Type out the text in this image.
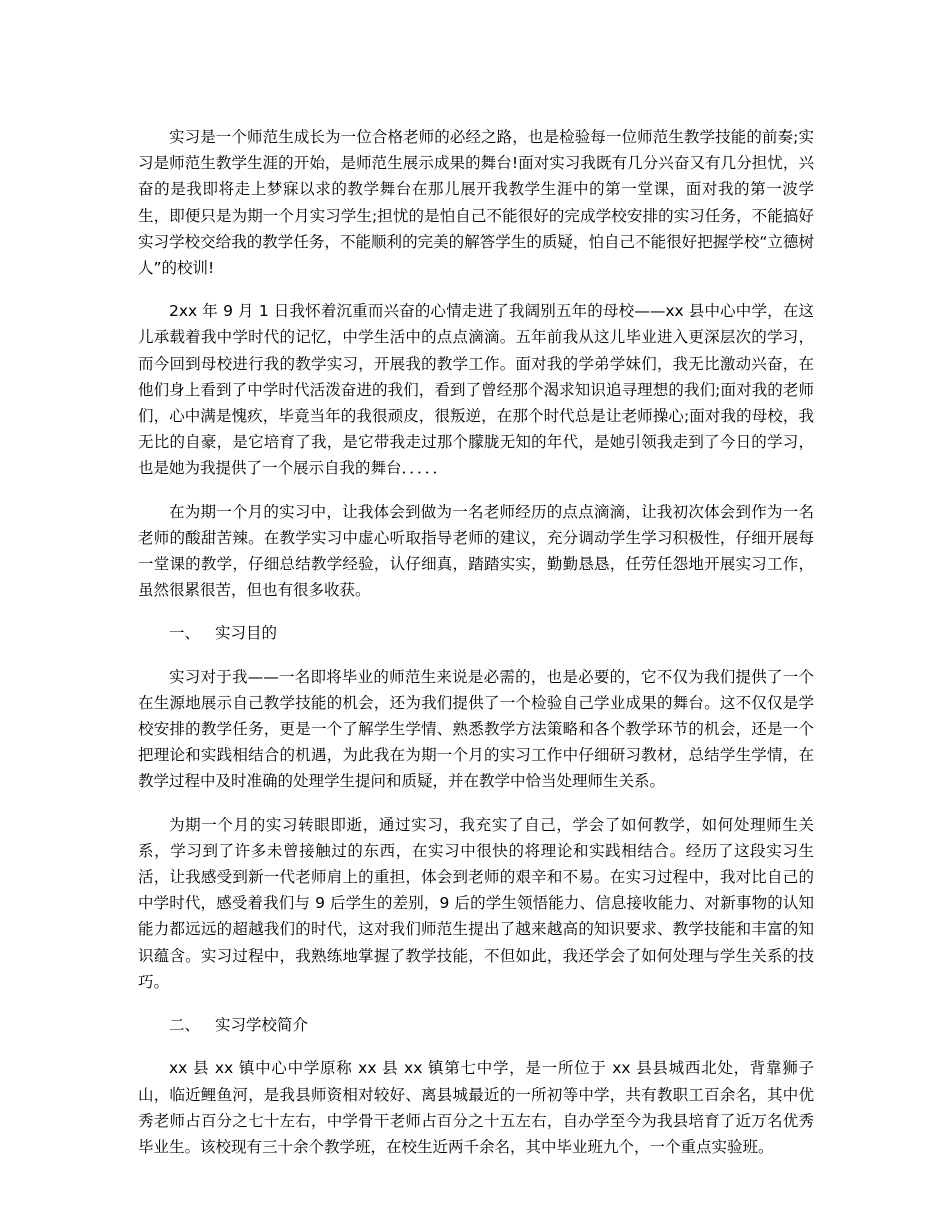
实习是一个师范生成长为一位合格老师的必经之路，也是检验每一位师范生教学技能的前奏;实习是师范生教学生涯的开始，是师范生展示成果的舞台!面对实习我既有几分兴奋又有几分担忧，兴奋的是我即将走上梦寐以求的教学舞台在那儿展开我教学生涯中的第一堂课，面对我的第一波学生，即便只是为期一个月实习学生;担忧的是怕自己不能很好的完成学校安排的实习任务，不能搞好实习学校交给我的教学任务，不能顺利的完美的解答学生的质疑，怕自己不能很好把握学校“立德树人”的校训!

2xx 年 9 月 1 日我怀着沉重而兴奋的心情走进了我阔别五年的母校——xx 县中心中学，在这儿承载着我中学时代的记忆，中学生活中的点点滴滴。五年前我从这儿毕业进入更深层次的学习，而今回到母校进行我的教学实习，开展我的教学工作。面对我的学弟学妹们，我无比激动兴奋，在他们身上看到了中学时代活泼奋进的我们，看到了曾经那个渴求知识追寻理想的我们;面对我的老师们，心中满是愧疚，毕竟当年的我很顽皮，很叛逆，在那个时代总是让老师操心;面对我的母校，我无比的自豪，是它培育了我，是它带我走过那个朦胧无知的年代，是她引领我走到了今日的学习，也是她为我提供了一个展示自我的舞台．．．．．

在为期一个月的实习中，让我体会到做为一名老师经历的点点滴滴，让我初次体会到作为一名老师的酸甜苦辣。在教学实习中虚心听取指导老师的建议，充分调动学生学习积极性，仔细开展每一堂课的教学，仔细总结教学经验，认仔细真，踏踏实实，勤勤恳恳，任劳任怨地开展实习工作，虽然很累很苦，但也有很多收获。

一、 实习目的

实习对于我——一名即将毕业的师范生来说是必需的，也是必要的，它不仅为我们提供了一个在生源地展示自己教学技能的机会，还为我们提供了一个检验自己学业成果的舞台。这不仅仅是学校安排的教学任务，更是一个了解学生学情、熟悉教学方法策略和各个教学环节的机会，还是一个把理论和实践相结合的机遇，为此我在为期一个月的实习工作中仔细研习教材，总结学生学情，在教学过程中及时准确的处理学生提问和质疑，并在教学中恰当处理师生关系。

为期一个月的实习转眼即逝，通过实习，我充实了自己，学会了如何教学，如何处理师生关系，学习到了许多未曾接触过的东西，在实习中很快的将理论和实践相结合。经历了这段实习生活，让我感受到新一代老师肩上的重担，体会到老师的艰辛和不易。在实习过程中，我对比自己的中学时代，感受着我们与 9 后学生的差别，9 后的学生领悟能力、信息接收能力、对新事物的认知能力都远远的超越我们的时代，这对我们师范生提出了越来越高的知识要求、教学技能和丰富的知识蕴含。实习过程中，我熟练地掌握了教学技能，不但如此，我还学会了如何处理与学生关系的技巧。

二、 实习学校简介

xx 县 xx 镇中心中学原称 xx 县 xx 镇第七中学，是一所位于 xx 县县城西北处，背靠狮子山，临近鲤鱼河，是我县师资相对较好、离县城最近的一所初等中学，共有教职工百余名，其中优秀老师占百分之七十左右，中学骨干老师占百分之十五左右，自办学至今为我县培育了近万名优秀毕业生。该校现有三十余个教学班，在校生近两千余名，其中毕业班九个，一个重点实验班。
